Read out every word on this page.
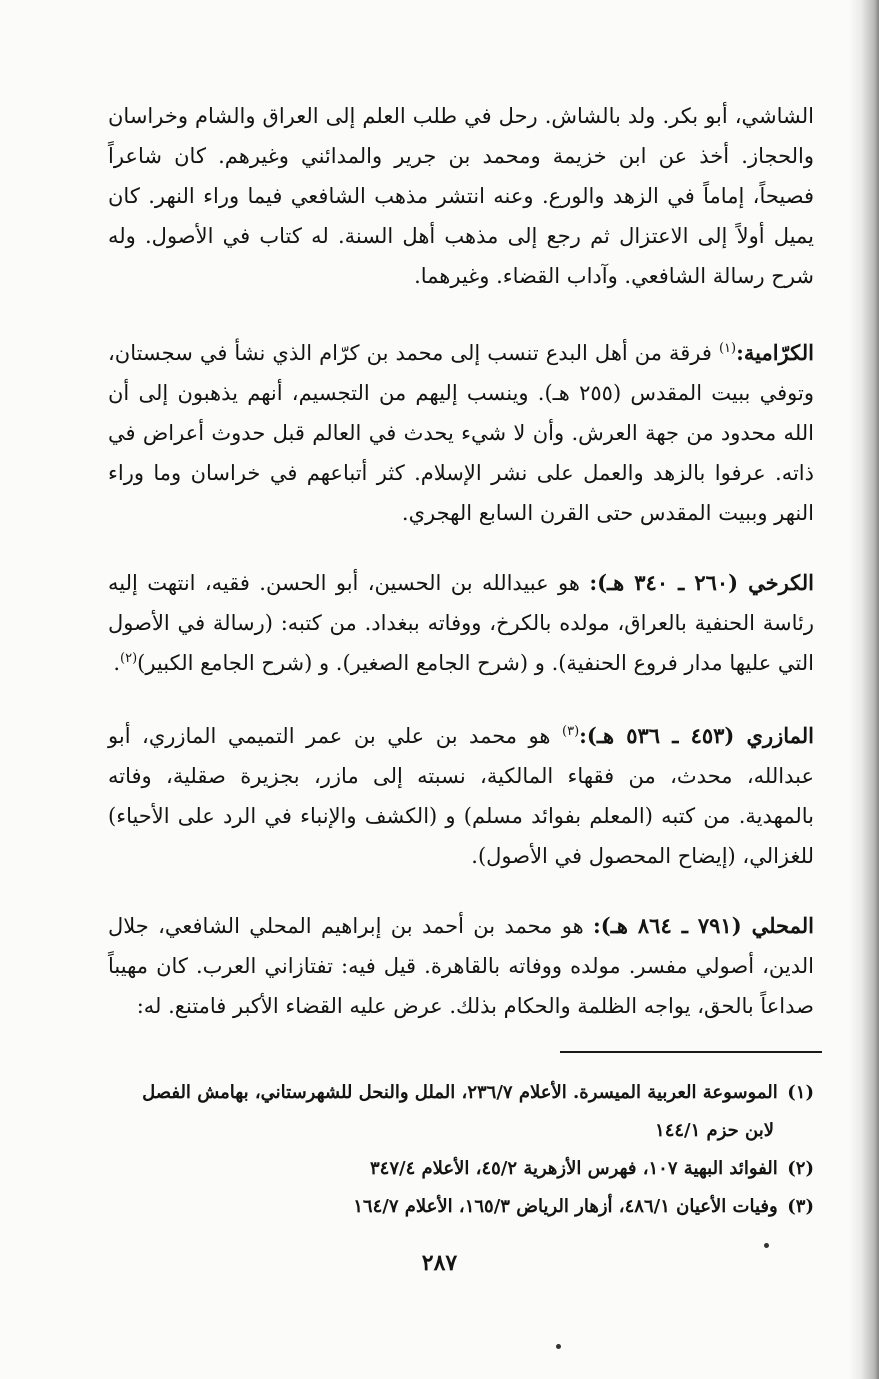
الشاشي، أبو بكر. ولد بالشاش. رحل في طلب العلم إلى العراق والشام وخراسان والحجاز. أخذ عن ابن خزيمة ومحمد بن جرير والمدائني وغيرهم. كان شاعراً فصيحاً، إماماً في الزهد والورع. وعنه انتشر مذهب الشافعي فيما وراء النهر. كان يميل أولاً إلى الاعتزال ثم رجع إلى مذهب أهل السنة. له كتاب في الأصول. وله شرح رسالة الشافعي. وآداب القضاء. وغيرهما.

الكرّامية:$^{(١)}$ فرقة من أهل البدع تنسب إلى محمد بن كرّام الذي نشأ في سجستان، وتوفي ببيت المقدس (٢٥٥ هـ). وينسب إليهم من التجسيم، أنهم يذهبون إلى أن الله محدود من جهة العرش. وأن لا شيء يحدث في العالم قبل حدوث أعراض في ذاته. عرفوا بالزهد والعمل على نشر الإسلام. كثر أتباعهم في خراسان وما وراء النهر وببيت المقدس حتى القرن السابع الهجري.

الكرخي (٢٦٠ ـ ٣٤٠ هـ): هو عبيدالله بن الحسين، أبو الحسن. فقيه، انتهت إليه رئاسة الحنفية بالعراق، مولده بالكرخ، ووفاته ببغداد. من كتبه: (رسالة في الأصول التي عليها مدار فروع الحنفية). و (شرح الجامع الصغير). و (شرح الجامع الكبير)$^{(٢)}$.

المازري (٤٥٣ ـ ٥٣٦ هـ):$^{(٣)}$ هو محمد بن علي بن عمر التميمي المازري، أبو عبدالله، محدث، من فقهاء المالكية، نسبته إلى مازر، بجزيرة صقلية، وفاته بالمهدية. من كتبه (المعلم بفوائد مسلم) و (الكشف والإنباء في الرد على الأحياء) للغزالي، (إيضاح المحصول في الأصول).

المحلي (٧٩١ ـ ٨٦٤ هـ): هو محمد بن أحمد بن إبراهيم المحلي الشافعي، جلال الدين، أصولي مفسر. مولده ووفاته بالقاهرة. قيل فيه: تفتازاني العرب. كان مهيباً صداعاً بالحق، يواجه الظلمة والحكام بذلك. عرض عليه القضاء الأكبر فامتنع. له:

(١) الموسوعة العربية الميسرة. الأعلام ٢٣٦/٧، الملل والنحل للشهرستاني، بهامش الفصل
لابن حزم ١٤٤/١
(٢) الفوائد البهية ١٠٧، فهرس الأزهرية ٤٥/٢، الأعلام ٣٤٧/٤
(٣) وفيات الأعيان ٤٨٦/١، أزهار الرياض ١٦٥/٣، الأعلام ١٦٤/٧
٢٨٧
